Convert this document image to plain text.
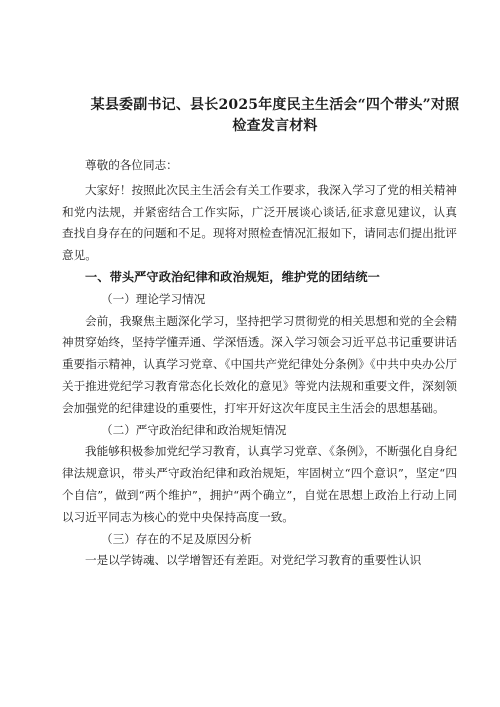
某县委副书记、县长2025年度民主生活会“四个带头”对照检查发言材料

尊敬的各位同志：

大家好！按照此次民主生活会有关工作要求，我深入学习了党的相关精神和党内法规，并紧密结合工作实际，广泛开展谈心谈话,征求意见建议，认真查找自身存在的问题和不足。现将对照检查情况汇报如下，请同志们提出批评意见。

一、带头严守政治纪律和政治规矩，维护党的团结统一

（一）理论学习情况

会前，我聚焦主题深化学习，坚持把学习贯彻党的相关思想和党的全会精神贯穿始终，坚持学懂弄通、学深悟透。深入学习领会习近平总书记重要讲话重要指示精神，认真学习党章、《中国共产党纪律处分条例》《中共中央办公厅关于推进党纪学习教育常态化长效化的意见》等党内法规和重要文件，深刻领会加强党的纪律建设的重要性，打牢开好这次年度民主生活会的思想基础。

（二）严守政治纪律和政治规矩情况

我能够积极参加党纪学习教育，认真学习党章、《条例》，不断强化自身纪律法规意识，带头严守政治纪律和政治规矩，牢固树立“四个意识”，坚定“四个自信”，做到“两个维护”，拥护“两个确立”，自觉在思想上政治上行动上同以习近平同志为核心的党中央保持高度一致。

（三）存在的不足及原因分析

一是以学铸魂、以学增智还有差距。对党纪学习教育的重要性认识
